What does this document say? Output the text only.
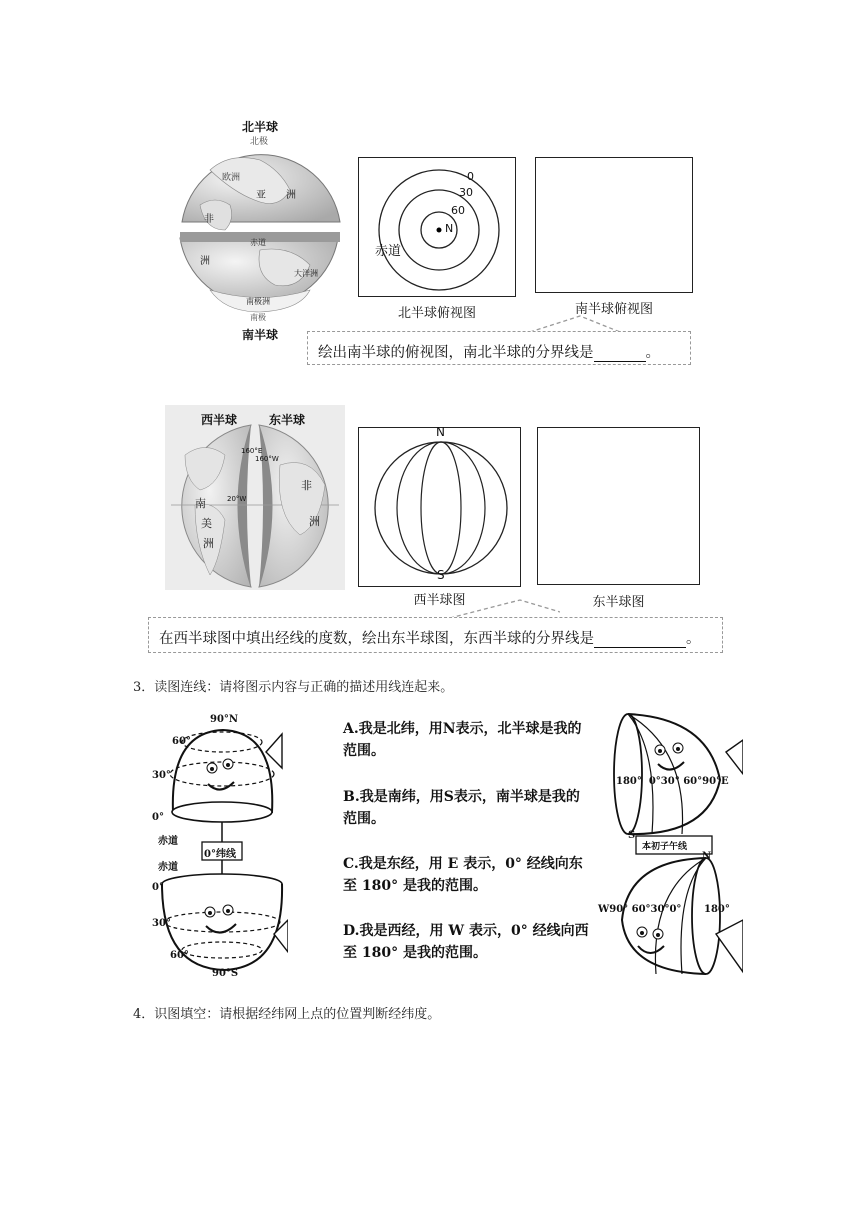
北半球
北极
欧洲
亚 洲
非
赤道
洲
大洋洲
南极洲
南极
南半球
0
30
60
N
赤道
北半球俯视图	南半球俯视图
绘出南半球的俯视图，南北半球的分界线是	。
西半球	东半球
160°E
160°W
20°W
南
美
洲
非
洲
N
S
西半球图	东半球图
在西半球图中填出经线的度数，绘出东半球图，东西半球的分界线是	。
3．读图连线：请将图示内容与正确的描述用线连起来。
90°N
60°
30°
0°
赤道
0°纬线
赤道
0°
30°
60°
90°S
A.我是北纬，用N表示，北半球是我的范围。
B.我是南纬，用S表示，南半球是我的范围。
C.我是东经，用 E 表示，0° 经线向东至 180° 是我的范围。
D.我是西经，用 W 表示，0° 经线向西至 180° 是我的范围。
180°  0°30° 60°90°E
S
本初子午线
N
W90° 60°30°0° 180°
4．识图填空：请根据经纬网上点的位置判断经纬度。
